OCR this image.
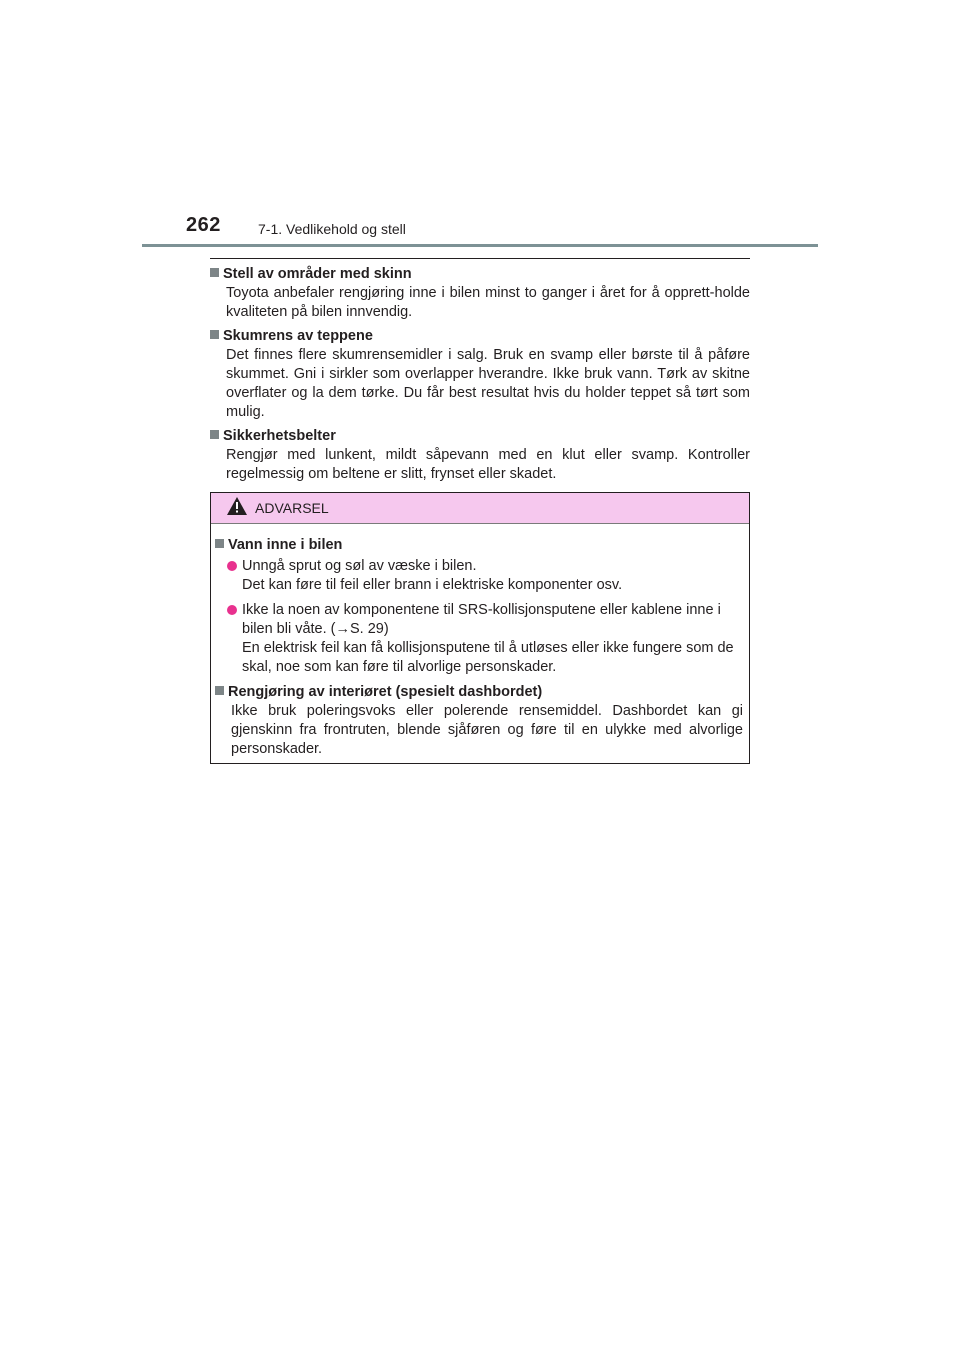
262	7-1. Vedlikehold og stell
Stell av områder med skinn
Toyota anbefaler rengjøring inne i bilen minst to ganger i året for å opprett-holde kvaliteten på bilen innvendig.
Skumrens av teppene
Det finnes flere skumrensemidler i salg. Bruk en svamp eller børste til å påføre skummet. Gni i sirkler som overlapper hverandre. Ikke bruk vann. Tørk av skitne overflater og la dem tørke. Du får best resultat hvis du holder teppet så tørt som mulig.
Sikkerhetsbelter
Rengjør med lunkent, mildt såpevann med en klut eller svamp. Kontroller regelmessig om beltene er slitt, frynset eller skadet.
ADVARSEL
Vann inne i bilen
Unngå sprut og søl av væske i bilen.
Det kan føre til feil eller brann i elektriske komponenter osv.
Ikke la noen av komponentene til SRS-kollisjonsputene eller kablene inne i bilen bli våte. (→S. 29)
En elektrisk feil kan få kollisjonsputene til å utløses eller ikke fungere som de skal, noe som kan føre til alvorlige personskader.
Rengjøring av interiøret (spesielt dashbordet)
Ikke bruk poleringsvoks eller polerende rensemiddel. Dashbordet kan gi gjenskinn fra frontruten, blende sjåføren og føre til en ulykke med alvorlige personskader.
